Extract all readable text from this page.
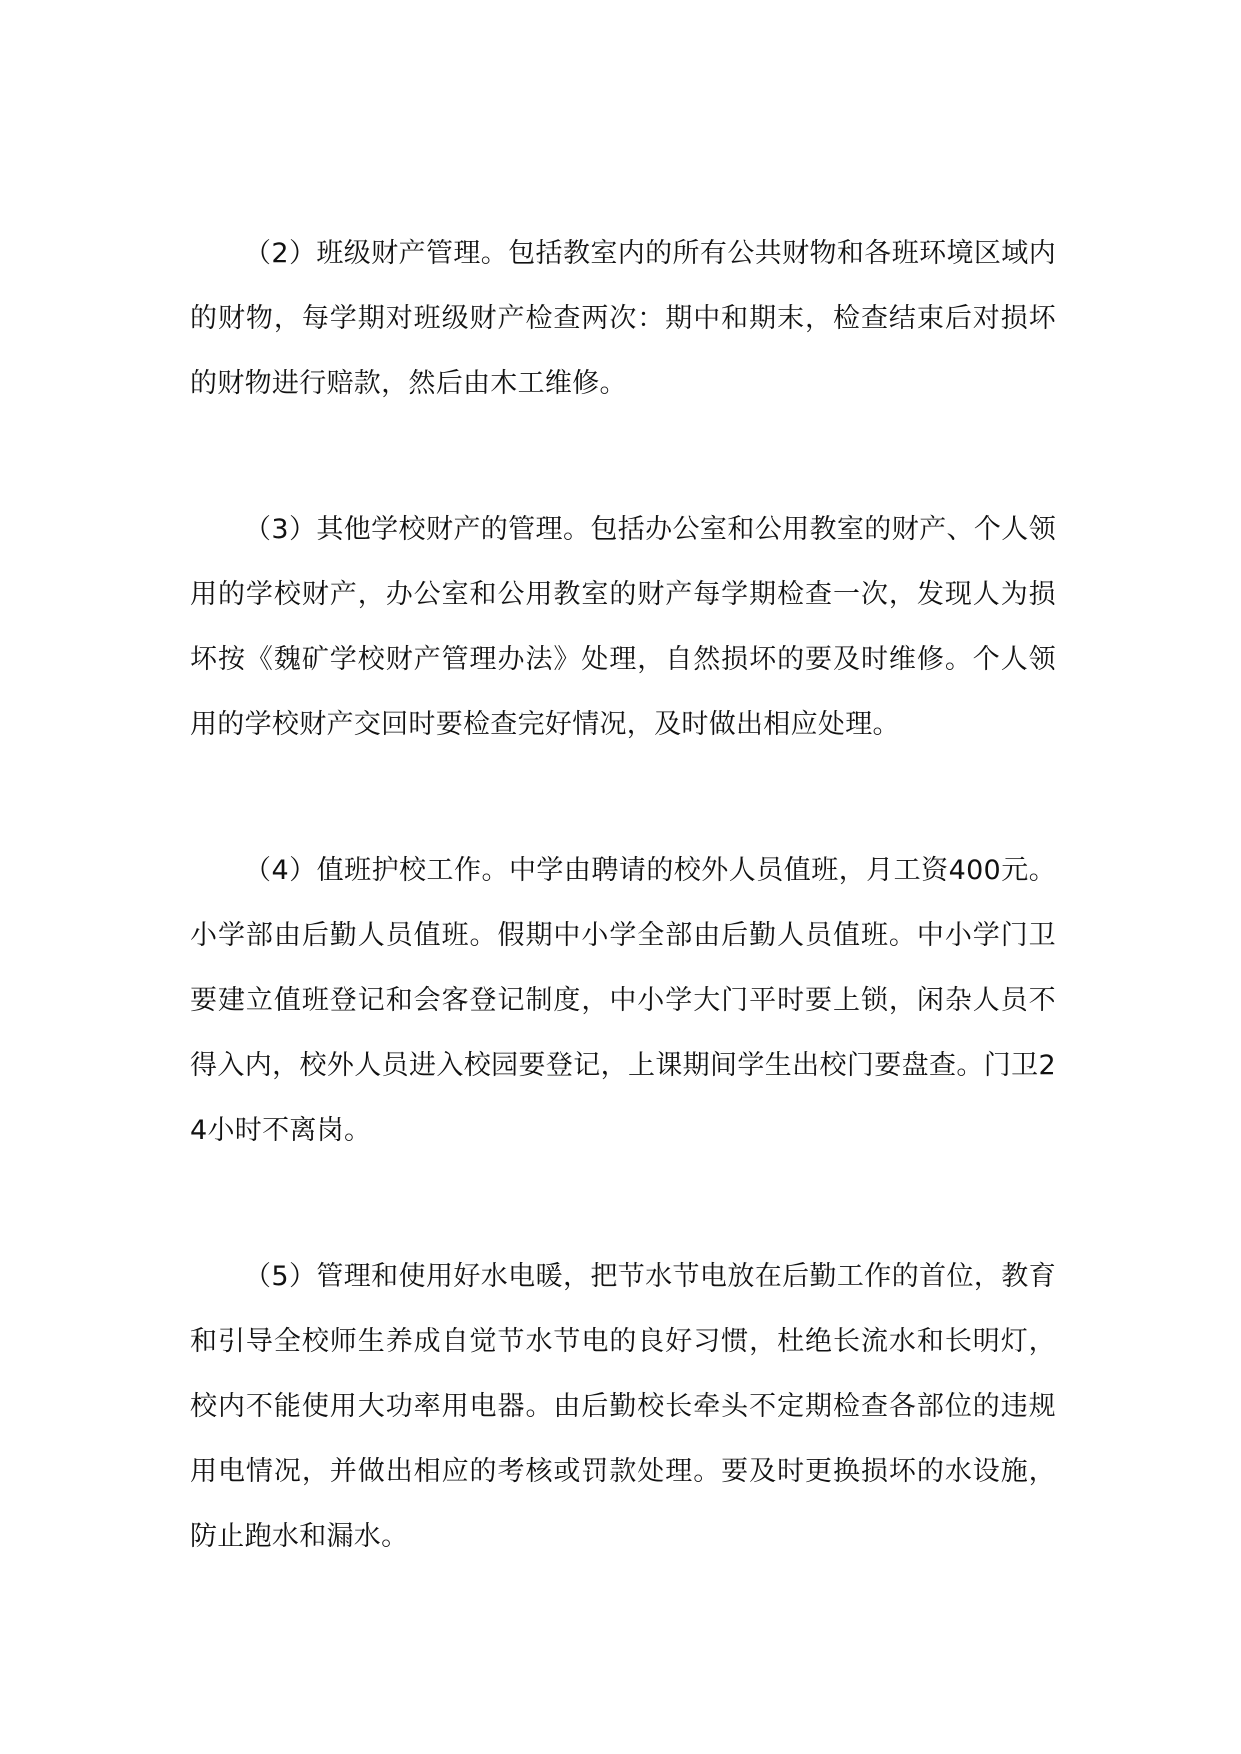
（2）班级财产管理。包括教室内的所有公共财物和各班环境区域内的财物，每学期对班级财产检查两次：期中和期末，检查结束后对损坏的财物进行赔款，然后由木工维修。

（3）其他学校财产的管理。包括办公室和公用教室的财产、个人领用的学校财产，办公室和公用教室的财产每学期检查一次，发现人为损坏按《魏矿学校财产管理办法》处理，自然损坏的要及时维修。个人领用的学校财产交回时要检查完好情况，及时做出相应处理。

（4）值班护校工作。中学由聘请的校外人员值班，月工资400元。小学部由后勤人员值班。假期中小学全部由后勤人员值班。中小学门卫要建立值班登记和会客登记制度，中小学大门平时要上锁，闲杂人员不得入内，校外人员进入校园要登记，上课期间学生出校门要盘查。门卫24小时不离岗。

（5）管理和使用好水电暖，把节水节电放在后勤工作的首位，教育和引导全校师生养成自觉节水节电的良好习惯，杜绝长流水和长明灯，校内不能使用大功率用电器。由后勤校长牵头不定期检查各部位的违规用电情况，并做出相应的考核或罚款处理。要及时更换损坏的水设施，防止跑水和漏水。
